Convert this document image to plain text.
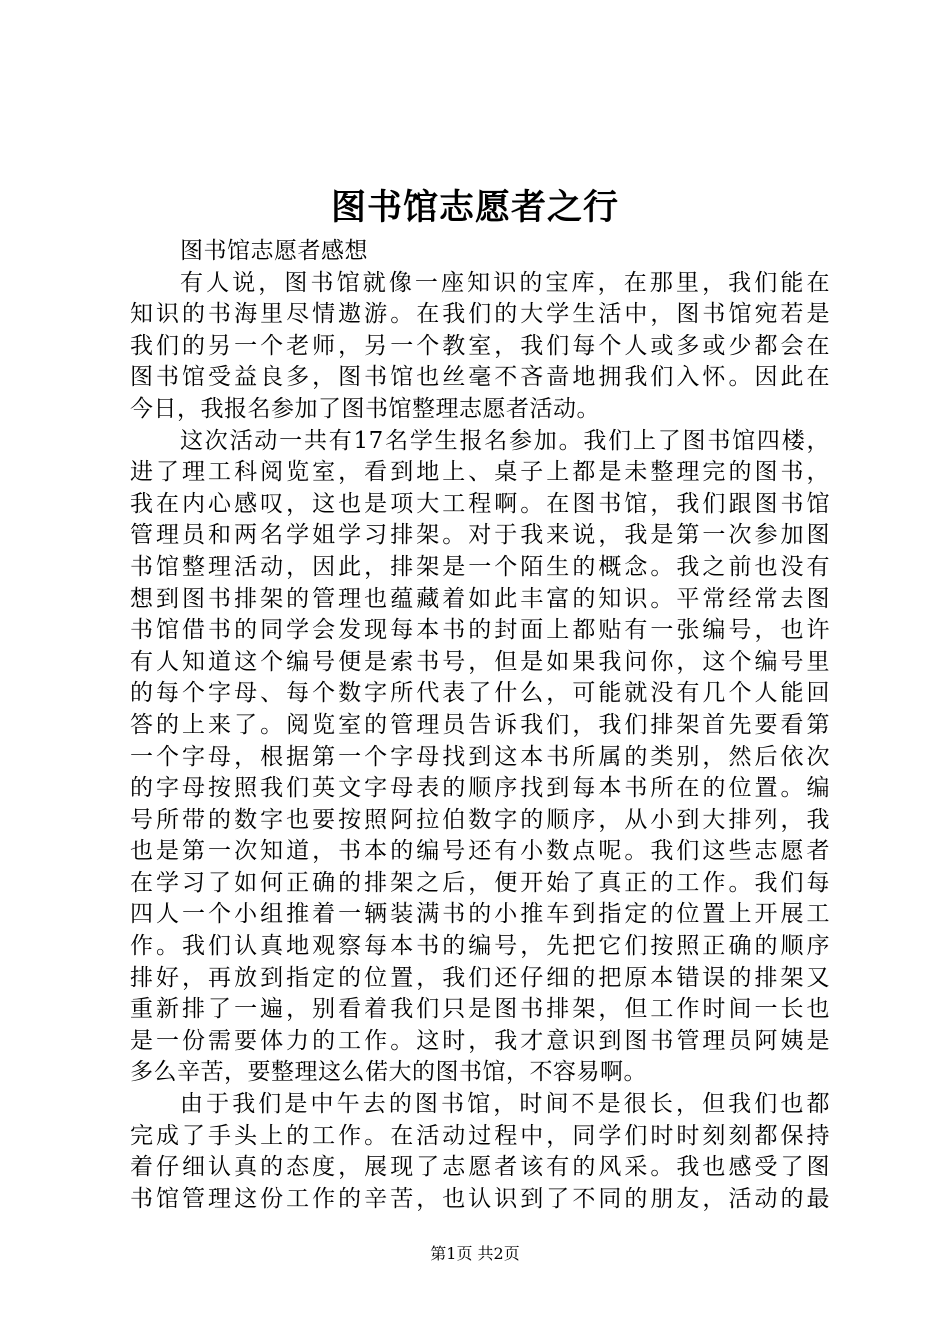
图书馆志愿者之行
图书馆志愿者感想
有人说，图书馆就像一座知识的宝库，在那里，我们能在
知识的书海里尽情遨游。在我们的大学生活中，图书馆宛若是
我们的另一个老师，另一个教室，我们每个人或多或少都会在
图书馆受益良多，图书馆也丝毫不吝啬地拥我们入怀。因此在
今日，我报名参加了图书馆整理志愿者活动。
这次活动一共有17名学生报名参加。我们上了图书馆四楼，
进了理工科阅览室，看到地上、桌子上都是未整理完的图书，
我在内心感叹，这也是项大工程啊。在图书馆，我们跟图书馆
管理员和两名学姐学习排架。对于我来说，我是第一次参加图
书馆整理活动，因此，排架是一个陌生的概念。我之前也没有
想到图书排架的管理也蕴藏着如此丰富的知识。平常经常去图
书馆借书的同学会发现每本书的封面上都贴有一张编号，也许
有人知道这个编号便是索书号，但是如果我问你，这个编号里
的每个字母、每个数字所代表了什么，可能就没有几个人能回
答的上来了。阅览室的管理员告诉我们，我们排架首先要看第
一个字母，根据第一个字母找到这本书所属的类别，然后依次
的字母按照我们英文字母表的顺序找到每本书所在的位置。编
号所带的数字也要按照阿拉伯数字的顺序，从小到大排列，我
也是第一次知道，书本的编号还有小数点呢。我们这些志愿者
在学习了如何正确的排架之后，便开始了真正的工作。我们每
四人一个小组推着一辆装满书的小推车到指定的位置上开展工
作。我们认真地观察每本书的编号，先把它们按照正确的顺序
排好，再放到指定的位置，我们还仔细的把原本错误的排架又
重新排了一遍，别看着我们只是图书排架，但工作时间一长也
是一份需要体力的工作。这时，我才意识到图书管理员阿姨是
多么辛苦，要整理这么偌大的图书馆，不容易啊。
由于我们是中午去的图书馆，时间不是很长，但我们也都
完成了手头上的工作。在活动过程中，同学们时时刻刻都保持
着仔细认真的态度，展现了志愿者该有的风采。我也感受了图
书馆管理这份工作的辛苦，也认识到了不同的朋友，活动的最
第1页 共2页
